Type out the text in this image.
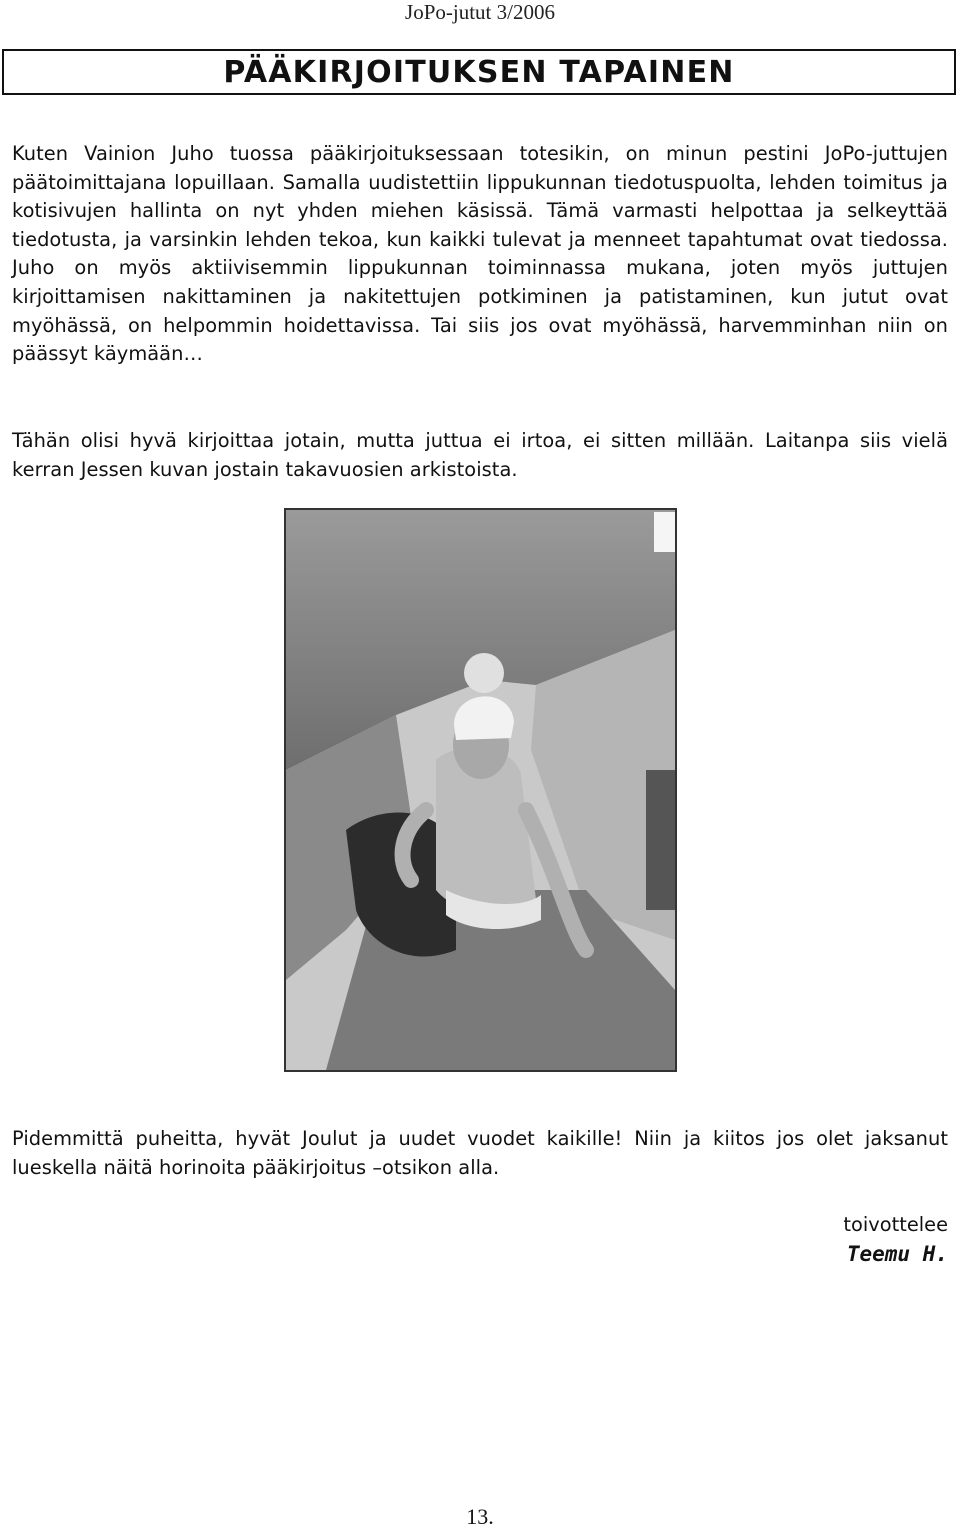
JoPo-jutut 3/2006
PÄÄKIRJOITUKSEN TAPAINEN

Kuten Vainion Juho tuossa pääkirjoituksessaan totesikin, on minun pestini JoPo-juttujen päätoimittajana lopuillaan. Samalla uudistettiin lippukunnan tiedotuspuolta, lehden toimitus ja kotisivujen hallinta on nyt yhden miehen käsissä. Tämä varmasti helpottaa ja selkeyttää tiedotusta, ja varsinkin lehden tekoa, kun kaikki tulevat ja menneet tapahtumat ovat tiedossa. Juho on myös aktiivisemmin lippukunnan toiminnassa mukana, joten myös juttujen kirjoittamisen nakittaminen ja nakitettujen potkiminen ja patistaminen, kun jutut ovat myöhässä, on helpommin hoidettavissa. Tai siis jos ovat myöhässä, harvemminhan niin on päässyt käymään…

Tähän olisi hyvä kirjoittaa jotain, mutta juttua ei irtoa, ei sitten millään. Laitanpa siis vielä kerran Jessen kuvan jostain takavuosien arkistoista.

Pidemmittä puheitta, hyvät Joulut ja uudet vuodet kaikille! Niin ja kiitos jos olet jaksanut lueskella näitä horinoita pääkirjoitus –otsikon alla.

toivottelee
Teemu H.
13.
